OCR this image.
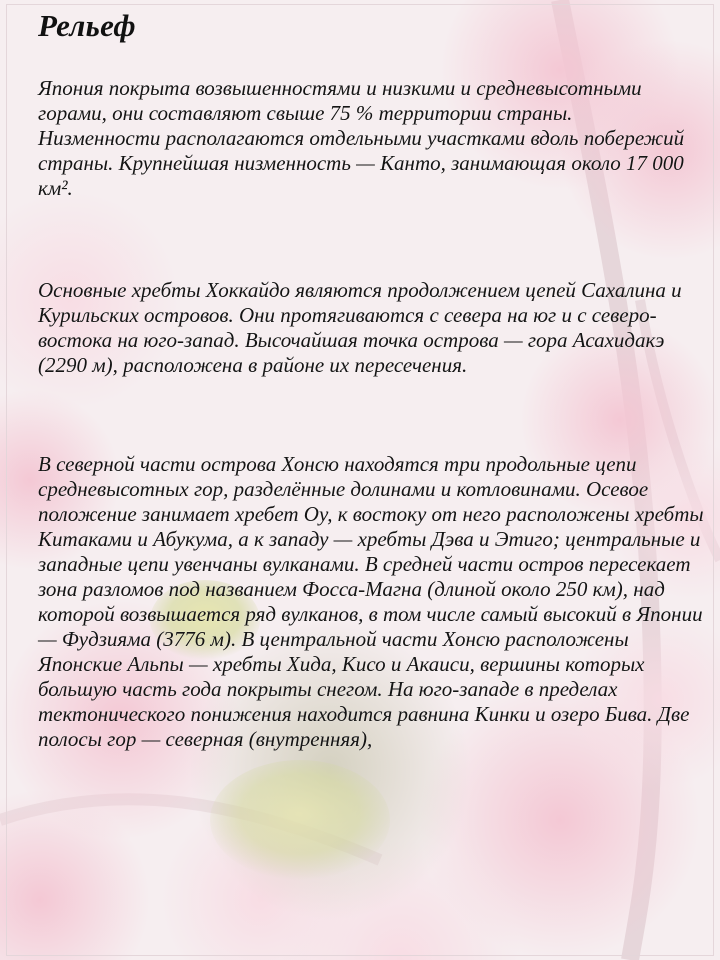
Рельеф

Япония покрыта возвышенностями и низкими и средневысотными горами, они составляют свыше 75 % территории страны. Низменности располагаются отдельными участками вдоль побережий страны. Крупнейшая низменность — Канто, занимающая около 17 000 км².

Основные хребты Хоккайдо являются продолжением цепей Сахалина и Курильских островов. Они протягиваются с севера на юг и с северо-востока на юго-запад. Высочайшая точка острова — гора Асахидакэ (2290 м), расположена в районе их пересечения.

В северной части острова Хонсю находятся три продольные цепи средневысотных гор, разделённые долинами и котловинами. Осевое положение занимает хребет Оу, к востоку от него расположены хребты Китаками и Абукума, а к западу — хребты Дэва и Этиго; центральные и западные цепи увенчаны вулканами. В средней части остров пересекает зона разломов под названием Фосса-Магна (длиной около 250 км), над которой возвышается ряд вулканов, в том числе самый высокий в Японии — Фудзияма (3776 м). В центральной части Хонсю расположены Японские Альпы — хребты Хида, Кисо и Акаиси, вершины которых большую часть года покрыты снегом. На юго-западе в пределах тектонического понижения находится равнина Кинки и озеро Бива. Две полосы гор — северная (внутренняя),
